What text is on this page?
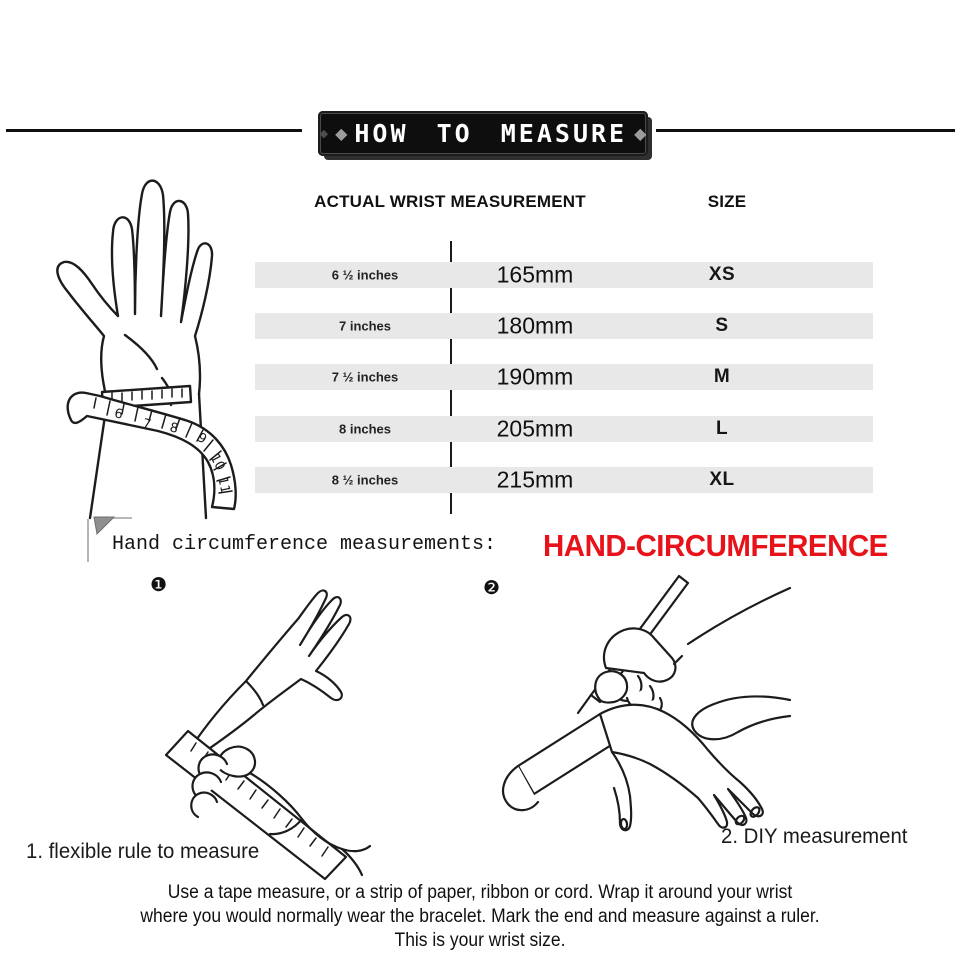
◆ ◆ HOW TO MEASURE ◆
ACTUAL WRIST MEASUREMENT	SIZE
6 ½ inches	165mm	XS
7 inches	180mm	S
7 ½ inches	190mm	M
8 inches	205mm	L
8 ½ inches	215mm	XL
6
7 8
9
10
11
Hand circumference measurements: HAND-CIRCUMFERENCE
❶	❷
1. flexible rule to measure
2. DIY measurement
Use a tape measure, or a strip of paper, ribbon or cord. Wrap it around your wrist
where you would normally wear the bracelet. Mark the end and measure against a ruler.
This is your wrist size.
